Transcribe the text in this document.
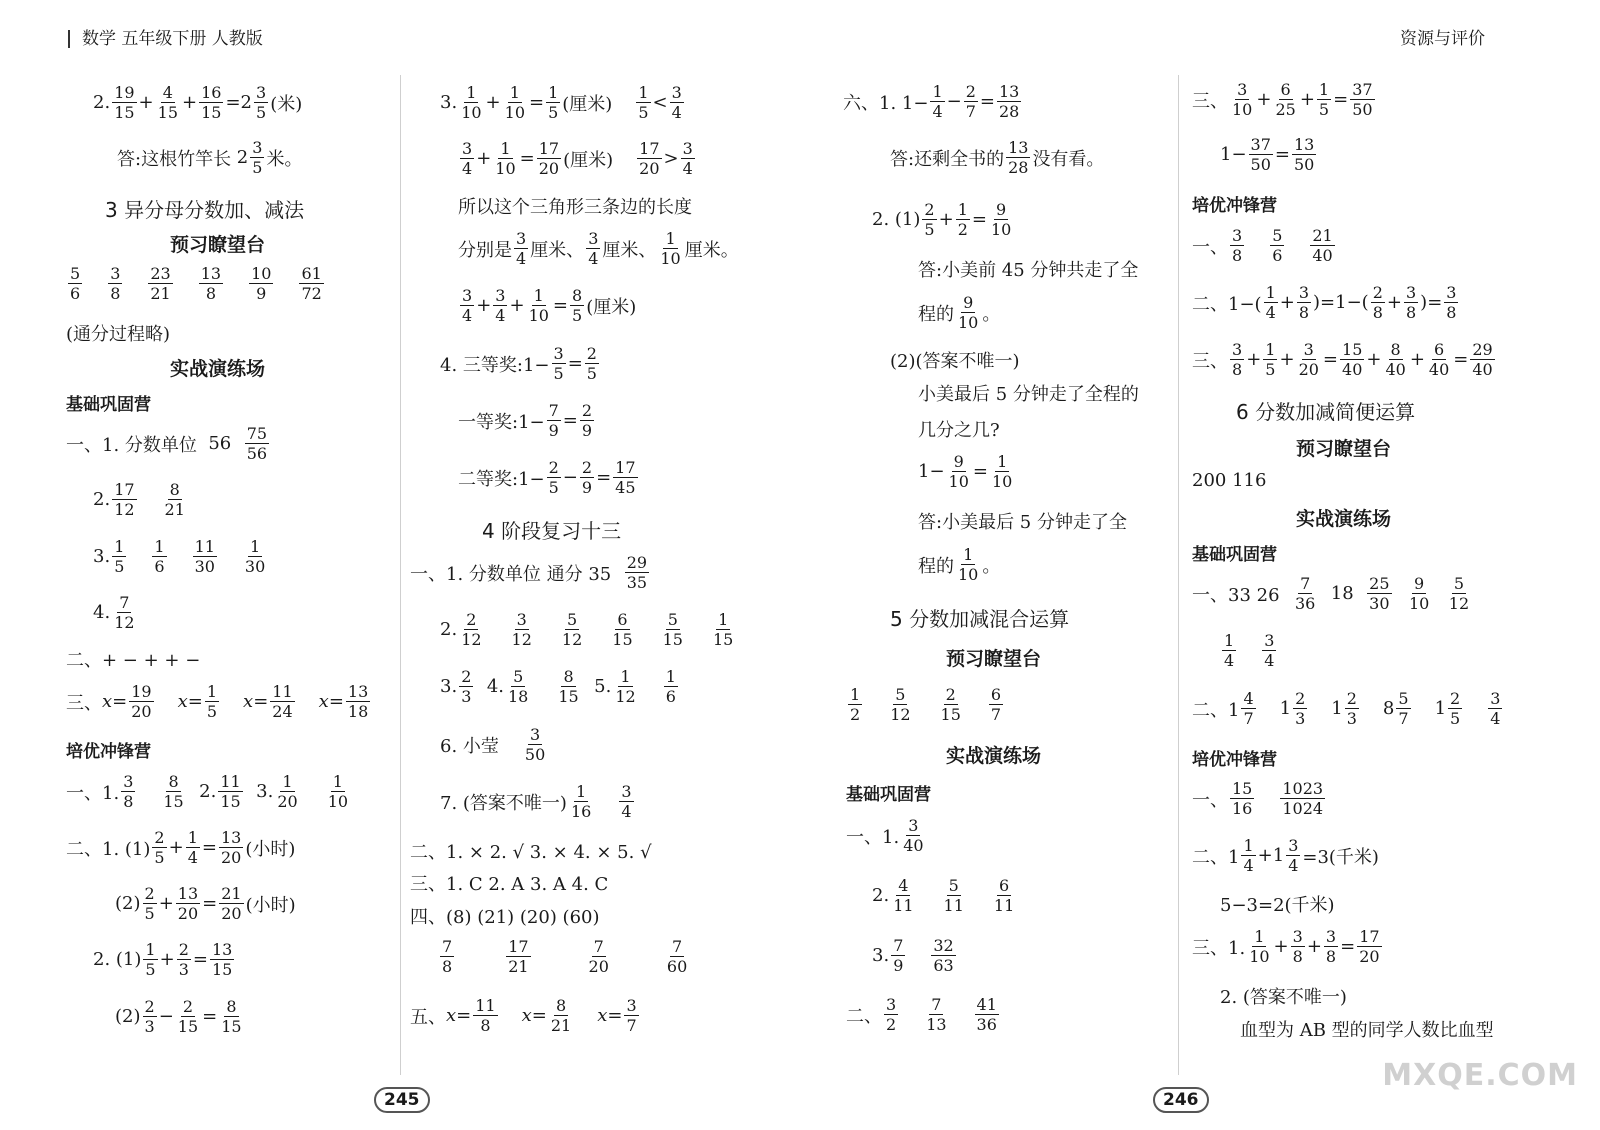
数学 五年级下册 人教版	资源与评价
2. 19
15 + 4
15 + 16
15 =2 3
5 (米)
答:这根竹竿长 2 3
5 米。
3 异分母分数加、减法
预习瞭望台
5
6
3
8
23
21
13
8
10
9
61
72
(通分过程略)
实战演练场
基础巩固营
一、1. 分数单位
56
75
56
2. 17
12
8
21
3. 1
5
1
6
11
30
1
30
4. 7
12
二、+ − + + −
三、 x = 19
20 x = 1
5 x = 11
24 x = 13
18
培优冲锋营
一、1.
3
8
8
15 2. 11
15 3. 1
20
1
10
二、1. (1)
2
5 + 1
4 = 13
20 (小时)
(2) 2
5 + 13
20 = 21
20 (小时)
2. (1) 1
5 + 2
3 = 13
15
(2) 2
3 − 2
15 = 8
15
3. 1
10 + 1
10 = 1
5 (厘米)
1
5 < 3
4
3
4 + 1
10 = 17
20 (厘米)
17
20 > 3
4
所以这个三角形三条边的长度
分别是
3
4 厘米、
3
4 厘米、
1
10 厘米。
3
4 + 3
4 + 1
10 = 8
5 (厘米)
4. 三等奖:1− $\frac{3}{5} = 2$
5
一等奖:1− $\frac{7}{9} = 2$
9
二等奖:1− $\frac{2}{5} - 2$
9 = 17
45
4 阶段复习十三
一、1. 分数单位 通分 35

29
35
2. 2
12
3
12
5
12
6
15
5
15
1
15
3. 2
3 4. 5
18
8
15 5. 1
12
1
6
6. 小莹
3
50
7. (答案不唯一)
1
16
3
4
二、1. × 2. √ 3. × 4. × 5. √
三、1. C 2. A 3. A 4. C
四、(8) (21) (20) (60)
7
8
17
21
7
20
7
60
五、 x = 11
8 x = 8
21 x = 3
7
六、1. $1- \frac{1}{4} - 2$
7 = 13
28
答:还剩全书的
13
28 没有看。
2. (1) 2
5 + 1
2 = 9
10
答:小美前 45 分钟共走了全
程的
9
10 。
(2)(答案不唯一)
小美最后 5 分钟走了全程的
几分之几?
1− 9
10 = 1
10
答:小美最后 5 分钟走了全
程的
1
10 。
5 分数加减混合运算
预习瞭望台
1
2
5
12
2
15
6
7
实战演练场
基础巩固营
一、1.
3
40
2. 4
11
5
11
6
11
3. 7
9
32
63
二、
3
2
7
13
41
36
三、
3
10 + 6
25 + 1
5 = 37
50
1− 37
50 = 13
50
培优冲锋营
一、
3
8
5
6
21
40
二、1−(
1
4 + 3
8 )=1−( 2
8 + 3
8 )= 3
8
三、
3
8 + 1
5 + 3
20 = 15
40 + 8
40 + 6
40 = 29
40
6 分数加减简便运算
预习瞭望台
200 116
实战演练场
基础巩固营
一、33 26

7
36
18
25
30

9
10

5
12
1
4
3
4
二、1
4
7 1 2
3 1 2
3 8 5
7 1 2
5
3
4
培优冲锋营
一、
15
16
1023
1024
二、1
1
$4 +1 \frac{3}{4} =3$(千米)
5−3=2(千米)
三、1.
1
10 + 3
8 + 3
8 = 17
20
2. (答案不唯一)
血型为 AB 型的同学人数比血型
245	246
MXQE.COM
